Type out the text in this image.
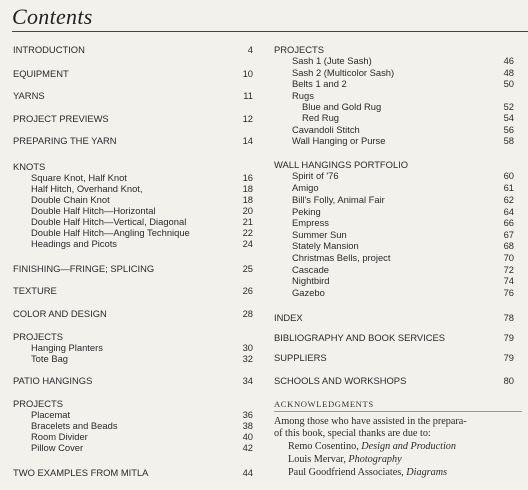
Contents
INTRODUCTION	4
EQUIPMENT	10
YARNS	11
PROJECT PREVIEWS	12
PREPARING THE YARN	14
KNOTS
Square Knot, Half Knot	16
Half Hitch, Overhand Knot,	18
Double Chain Knot	18
Double Half Hitch—Horizontal	20
Double Half Hitch—Vertical, Diagonal	21
Double Half Hitch—Angling Technique	22
Headings and Picots	24
FINISHING—FRINGE; SPLICING	25
TEXTURE	26
COLOR AND DESIGN	28
PROJECTS
Hanging Planters	30
Tote Bag	32
PATIO HANGINGS	34
PROJECTS
Placemat	36
Bracelets and Beads	38
Room Divider	40
Pillow Cover	42
TWO EXAMPLES FROM MITLA	44
PROJECTS
Sash 1 (Jute Sash)	46
Sash 2 (Multicolor Sash)	48
Belts 1 and 2	50
Rugs
Blue and Gold Rug	52
Red Rug	54
Cavandoli Stitch	56
Wall Hanging or Purse	58
WALL HANGINGS PORTFOLIO
Spirit of '76	60
Amigo	61
Bill's Folly, Animal Fair	62
Peking	64
Empress	66
Summer Sun	67
Stately Mansion	68
Christmas Bells, project	70
Cascade	72
Nightbird	74
Gazebo	76
INDEX	78
BIBLIOGRAPHY AND BOOK SERVICES	79
SUPPLIERS	79
SCHOOLS AND WORKSHOPS	80
ACKNOWLEDGMENTS
Among those who have assisted in the prepara-
of this book, special thanks are due to:
Remo Cosentino, Design and Production
Louis Mervar, Photography
Paul Goodfriend Associates, Diagrams
